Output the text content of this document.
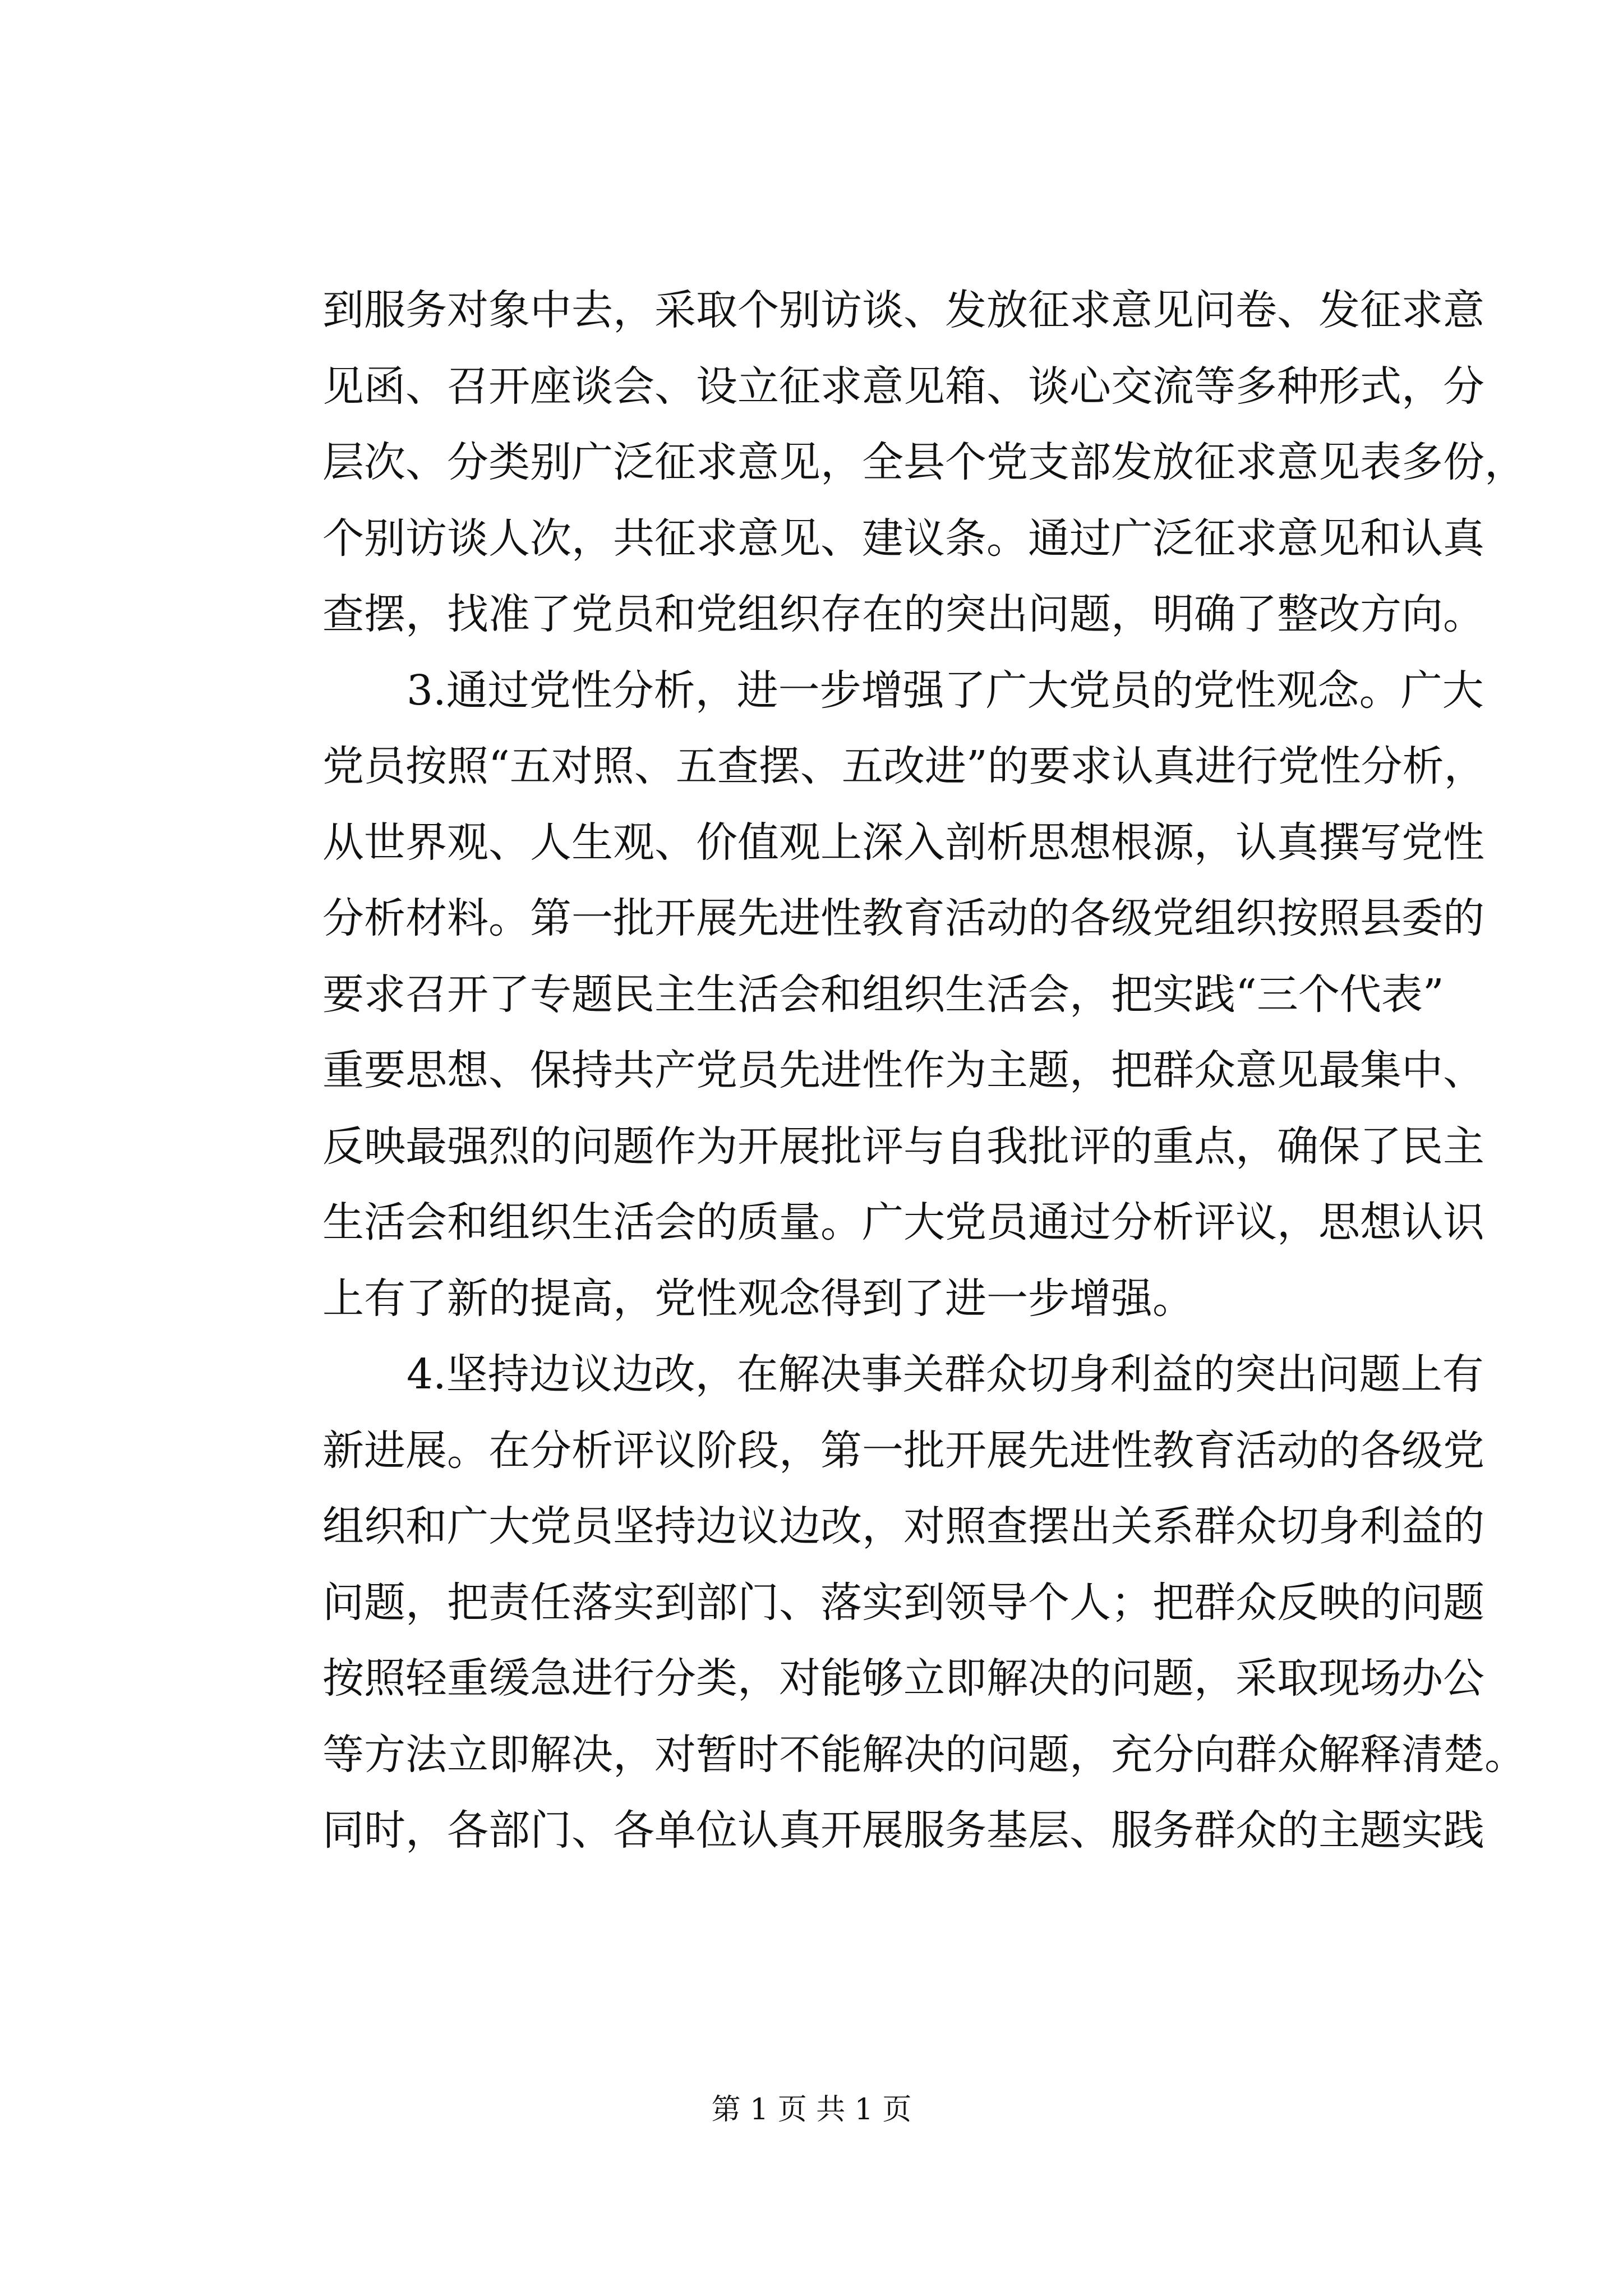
到服务对象中去，采取个别访谈、发放征求意见问卷、发征求意
见函、召开座谈会、设立征求意见箱、谈心交流等多种形式，分
层次、分类别广泛征求意见，全县个党支部发放征求意见表多份，
个别访谈人次，共征求意见、建议条。通过广泛征求意见和认真
查摆，找准了党员和党组织存在的突出问题，明确了整改方向。
3.通过党性分析，进一步增强了广大党员的党性观念。广大
党员按照“五对照、五查摆、五改进”的要求认真进行党性分析，
从世界观、人生观、价值观上深入剖析思想根源，认真撰写党性
分析材料。第一批开展先进性教育活动的各级党组织按照县委的
要求召开了专题民主生活会和组织生活会，把实践“三个代表”
重要思想、保持共产党员先进性作为主题，把群众意见最集中、
反映最强烈的问题作为开展批评与自我批评的重点，确保了民主
生活会和组织生活会的质量。广大党员通过分析评议，思想认识
上有了新的提高，党性观念得到了进一步增强。
4.坚持边议边改，在解决事关群众切身利益的突出问题上有
新进展。在分析评议阶段，第一批开展先进性教育活动的各级党
组织和广大党员坚持边议边改，对照查摆出关系群众切身利益的
问题，把责任落实到部门、落实到领导个人；把群众反映的问题
按照轻重缓急进行分类，对能够立即解决的问题，采取现场办公
等方法立即解决，对暂时不能解决的问题，充分向群众解释清楚。
同时，各部门、各单位认真开展服务基层、服务群众的主题实践
第 1 页 共 1 页
